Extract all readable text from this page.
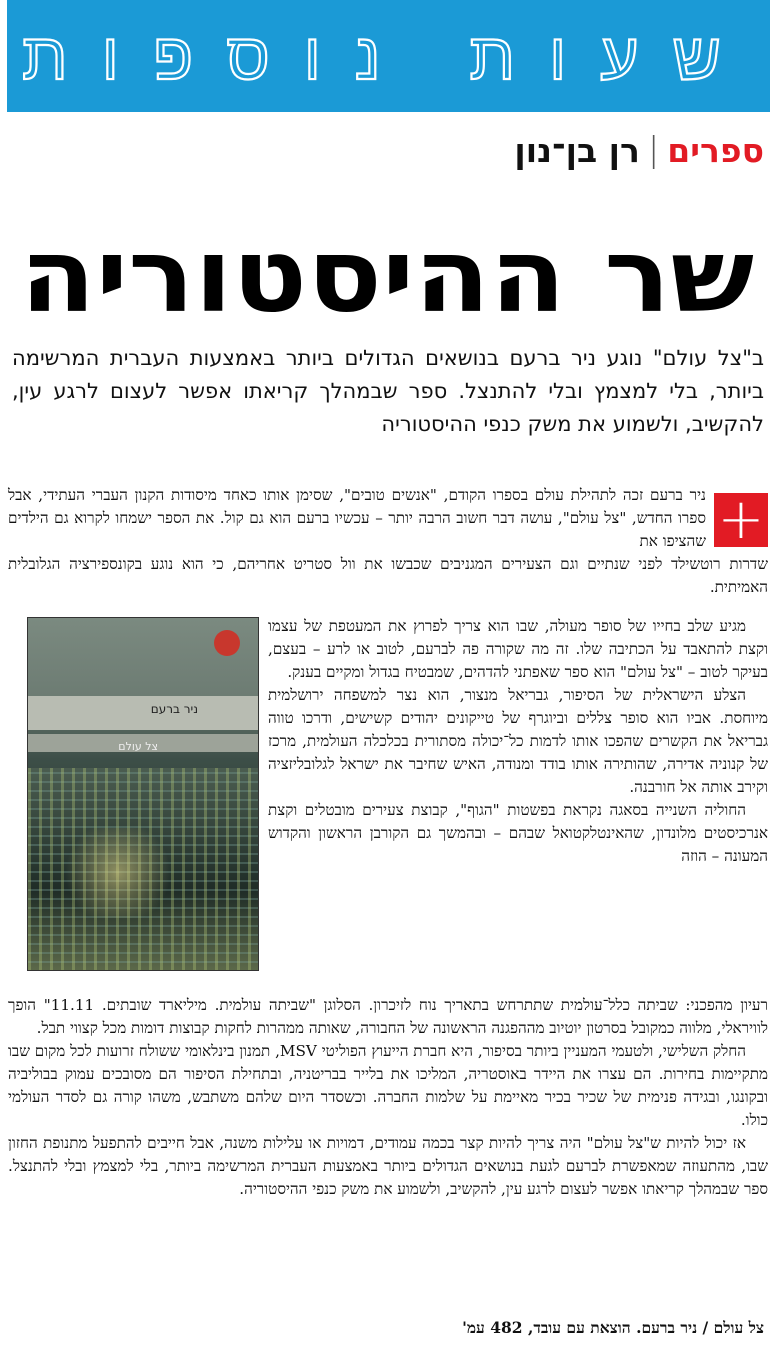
שעות נוספות
ספרים
|
רן בן־נון
שר ההיסטוריה

ב"צל עולם" נוגע ניר ברעם בנושאים הגדולים ביותר באמצעות העברית המרשימה ביותר, בלי למצמץ ובלי להתנצל. ספר שבמהלך קריאתו אפשר לעצום לרגע עין, להקשיב, ולשמוע את משק כנפי ההיסטוריה

+

ניר ברעם זכה לתהילת עולם בספרו הקודם, "אנשים טובים", שסימן אותו כאחד מיסודות הקנון העברי העתידי, אבל ספרו החדש, "צל עולם", עושה דבר חשוב הרבה יותר – עכשיו ברעם הוא גם קול. את הספר ישמחו לקרוא גם הילדים שהציפו את

שדרות רוטשילד לפני שנתיים וגם הצעירים המגניבים שכבשו את וול סטריט אחריהם, כי הוא נוגע בקונספירציה הגלובלית האמיתית.

ניר ברעם
צל עולם

מגיע שלב בחייו של סופר מעולה, שבו הוא צריך לפרוץ את המעטפת של עצמו וקצת להתאבד על הכתיבה שלו. זה מה שקורה פה לברעם, לטוב או לרע – בעצם, בעיקר לטוב – "צל עולם" הוא ספר שאפתני להדהים, שמבטיח בגדול ומקיים בענק.

הצלע הישראלית של הסיפור, גבריאל מנצור, הוא נצר למשפחה ירושלמית מיוחסת. אביו הוא סופר צללים וביוגרף של טייקונים יהודים קשישים, ודרכו טווה גבריאל את הקשרים שהפכו אותו לדמות כל־יכולה מסתורית בכלכלה העולמית, מרכז של קנוניה אדירה, שהותירה אותו בודד ומנודה, האיש שחיבר את ישראל לגלובליזציה וקירב אותה אל חורבנה.

החוליה השנייה בסאגה נקראת בפשטות "הגוף", קבוצת צעירים מובטלים וקצת אנרכיסטים מלונדון, שהאינטלקטואל שבהם – ובהמשך גם הקורבן הראשון והקדוש המעונה – הוזה

רעיון מהפכני: שביתה כלל־עולמית שתתרחש בתאריך נוח לזיכרון. הסלוגן "שביתה עולמית. מיליארד שובתים. 11.11" הופך לוויראלי, מלווה כמקובל בסרטון יוטיוב מההפגנה הראשונה של החבורה, שאותה ממהרות לחקות קבוצות דומות מכל קצווי תבל.

החלק השלישי, ולטעמי המעניין ביותר בסיפור, היא חברת הייעוץ הפוליטי MSV, תמנון בינלאומי ששולח זרועות לכל מקום שבו מתקיימות בחירות. הם עצרו את היידר באוסטריה, המליכו את בלייר בבריטניה, ובתחילת הסיפור הם מסובכים עמוק בבוליביה ובקונגו, ובגידה פנימית של שכיר בכיר מאיימת על שלמות החברה. וכשסדר היום שלהם משתבש, משהו קורה גם לסדר העולמי כולו.

אז יכול להיות ש"צל עולם" היה צריך להיות קצר בכמה עמודים, דמויות או עלילות משנה, אבל חייבים להתפעל מתנופת החזון שבו, מהתעוזה שמאפשרת לברעם לגעת בנושאים הגדולים ביותר באמצעות העברית המרשימה ביותר, בלי למצמץ ובלי להתנצל. ספר שבמהלך קריאתו אפשר לעצום לרגע עין, להקשיב, ולשמוע את משק כנפי ההיסטוריה.

צל עולם / ניר ברעם. הוצאת עם עובד, 482 עמ'
